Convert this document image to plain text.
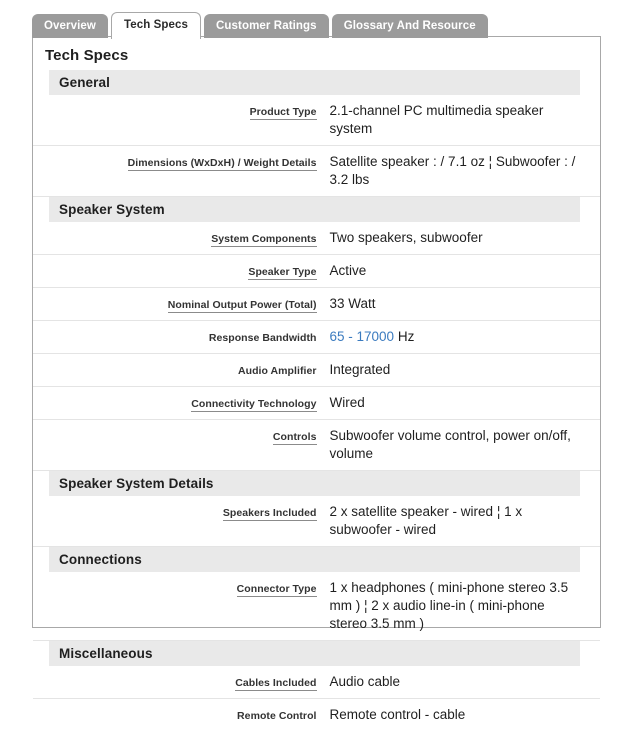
Overview	Tech Specs	Customer Ratings	Glossary And Resource
Tech Specs
General	

Product Type	2.1-channel PC multimedia speaker system
Dimensions (WxDxH) / Weight Details	Satellite speaker : / 7.1 oz ¦ Subwoofer : / 3.2 lbs

Speaker System	

System Components	Two speakers, subwoofer
Speaker Type	Active
Nominal Output Power (Total)	33 Watt
Response Bandwidth	65 - 17000 Hz
Audio Amplifier	Integrated
Connectivity Technology	Wired
Controls	Subwoofer volume control, power on/off, volume

Speaker System Details	

Speakers Included	2 x satellite speaker - wired ¦ 1 x subwoofer - wired

Connections	

Connector Type	1 x headphones ( mini-phone stereo 3.5 mm ) ¦ 2 x audio line-in ( mini-phone stereo 3.5 mm )

Miscellaneous	

Cables Included	Audio cable
Remote Control	Remote control - cable
